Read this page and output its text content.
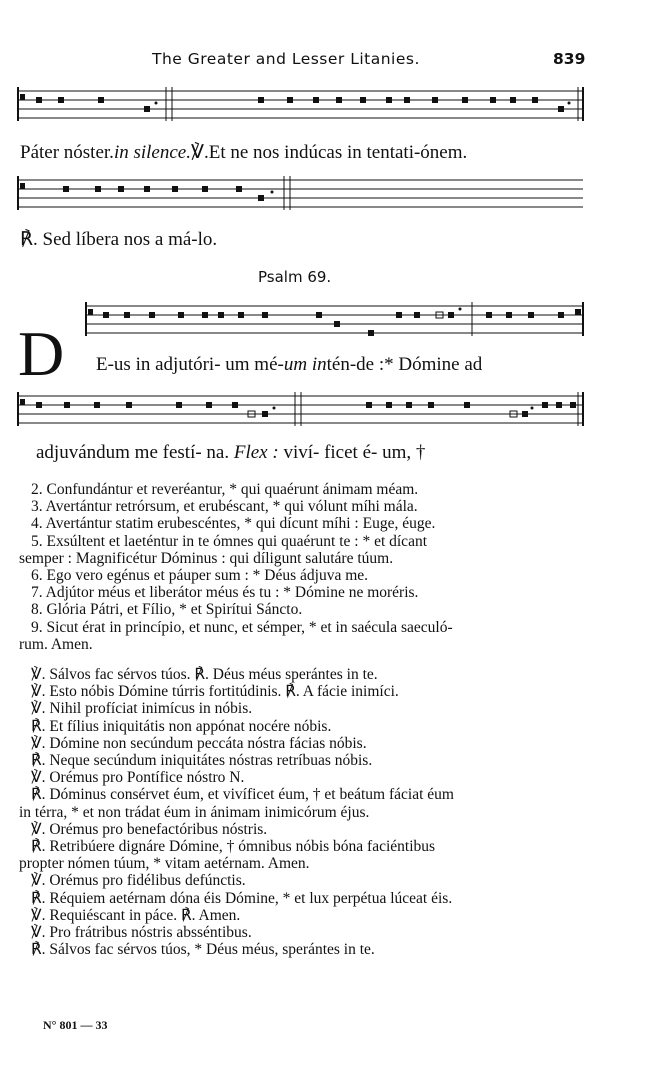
The Greater and Lesser Litanies.	839
Páter nóster.in silence.℣.Et ne nos indúcas in tentati-ónem.
℟. Sed líbera nos a má-lo.
Psalm 69.
D E-us in adjutóri- um mé-um intén-de :* Dómine ad
adjuvándum me festí- na. Flex : viví- ficet é- um, †
2. Confundántur et reveréantur, * qui quaérunt ánimam méam.
3. Avertántur retrórsum, et erubéscant, * qui vólunt míhi mála.
4. Avertántur statim erubescéntes, * qui dícunt míhi : Euge, éuge.
5. Exsúltent et laeténtur in te ómnes qui quaérunt te : * et dícant
semper : Magnificétur Dóminus : qui díligunt salutáre túum.
6. Ego vero egénus et páuper sum : * Déus ádjuva me.
7. Adjútor méus et liberátor méus és tu : * Dómine ne moréris.
8. Glória Pátri, et Fílio, * et Spirítui Sáncto.
9. Sicut érat in princípio, et nunc, et sémper, * et in saécula saeculó-
rum. Amen.
℣. Sálvos fac sérvos túos. ℟. Déus méus sperántes in te.
℣. Esto nóbis Dómine túrris fortitúdinis. ℟. A fácie inimíci.
℣. Nihil profíciat inimícus in nóbis.
℟. Et fílius iniquitátis non appónat nocére nóbis.
℣. Dómine non secúndum peccáta nóstra fácias nóbis.
℟. Neque secúndum iniquitátes nóstras retríbuas nóbis.
℣. Orémus pro Pontífice nóstro N.
℟. Dóminus consérvet éum, et vivíficet éum, † et beátum fáciat éum
in térra, * et non trádat éum in ánimam inimicórum éjus.
℣. Orémus pro benefactóribus nóstris.
℟. Retribúere dignáre Dómine, † ómnibus nóbis bóna faciéntibus
propter nómen túum, * vitam aetérnam. Amen.
℣. Orémus pro fidélibus defúnctis.
℟. Réquiem aetérnam dóna éis Dómine, * et lux perpétua lúceat éis.
℣. Requiéscant in páce. ℟. Amen.
℣. Pro frátribus nóstris absséntibus.
℟. Sálvos fac sérvos túos, * Déus méus, sperántes in te.
N° 801 — 33
